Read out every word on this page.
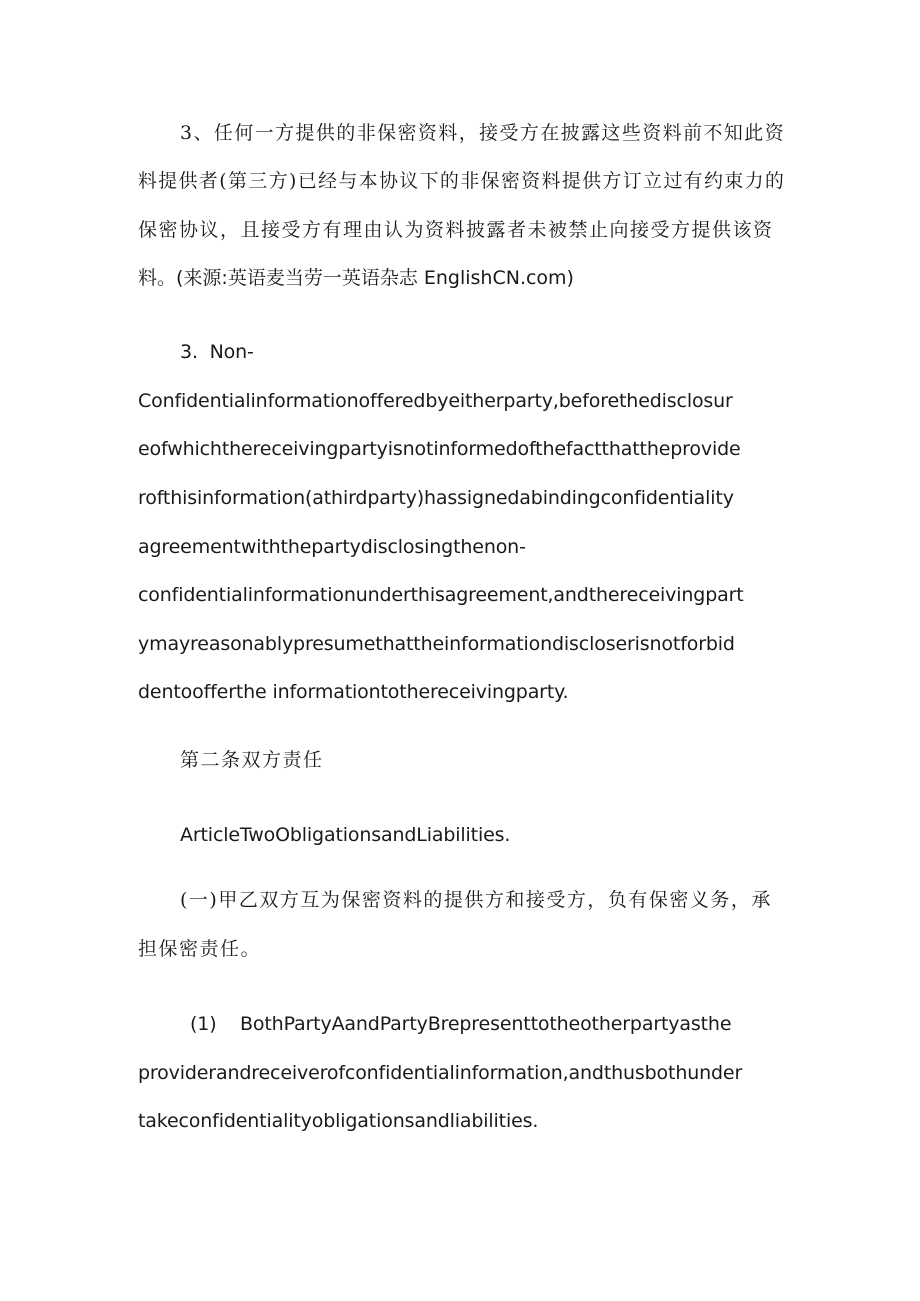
3、任何一方提供的非保密资料，接受方在披露这些资料前不知此资
料提供者(第三方)已经与本协议下的非保密资料提供方订立过有约束力的
保密协议，且接受方有理由认为资料披露者未被禁止向接受方提供该资
料。(来源:英语麦当劳一英语杂志 EnglishCN.com)
3.  Non-
Confidentialinformationofferedbyeitherparty,beforethedisclosur
eofwhichthereceivingpartyisnotinformedofthefactthattheprovide
rofthisinformation(athirdparty)hassignedabindingconfidentiality
agreementwiththepartydisclosingthenon-
confidentialinformationunderthisagreement,andthereceivingpart
ymayreasonablypresumethattheinformationdiscloserisnotforbid
dentoofferthe informationtothereceivingparty.
第二条双方责任
ArticleTwoObligationsandLiabilities.
(一)甲乙双方互为保密资料的提供方和接受方，负有保密义务，承
担保密责任。
(1)    BothPartyAandPartyBrepresenttotheotherpartyasthe
providerandreceiverofconfidentialinformation,andthusbothunder
takeconfidentialityobligationsandliabilities.
